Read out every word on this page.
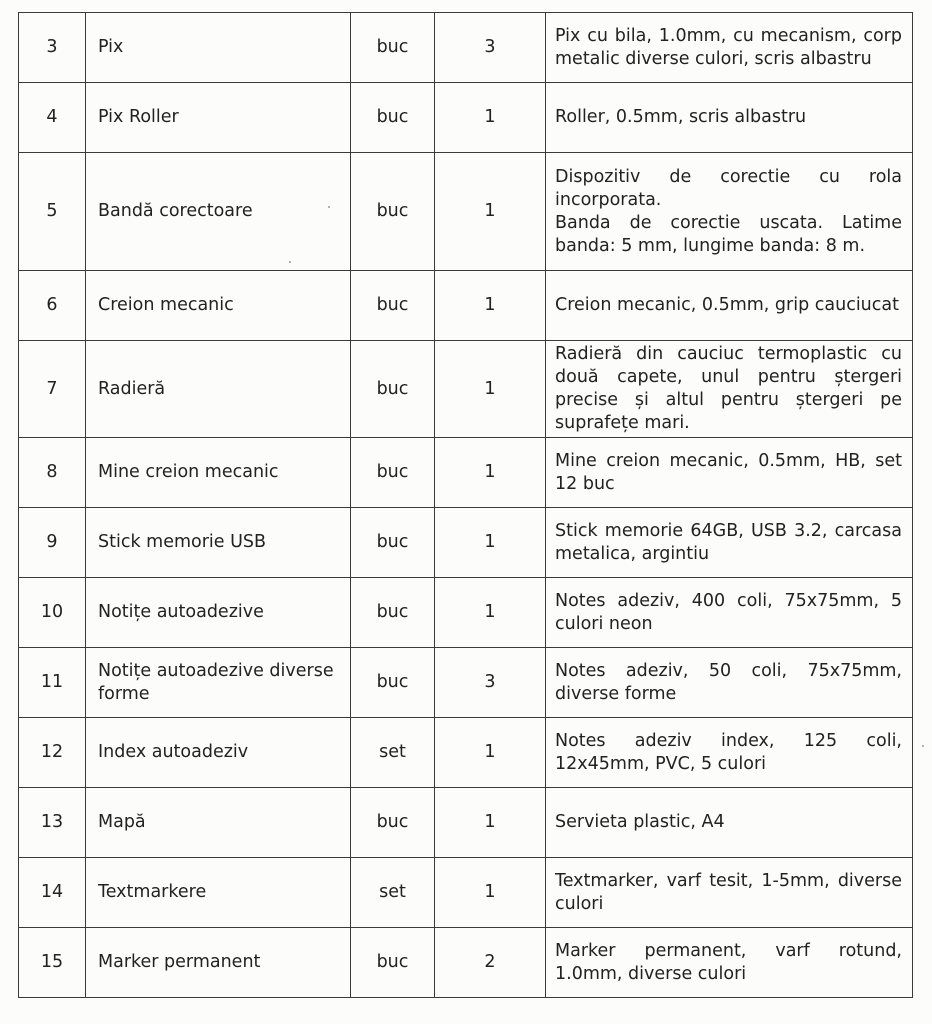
3	Pix	buc	3	Pix cu bila, 1.0mm, cu mecanism, corp metalic diverse culori, scris albastru
4	Pix Roller	buc	1	Roller, 0.5mm, scris albastru
5	Bandă corectoare	buc	1	Dispozitiv de corectie cu rola incorporata.
Banda de corectie uscata. Latime banda: 5 mm, lungime banda: 8 m.

6	Creion mecanic	buc	1	Creion mecanic, 0.5mm, grip cauciucat
7	Radieră	buc	1	Radieră din cauciuc termoplastic cu două capete, unul pentru ștergeri precise și altul pentru ștergeri pe suprafețe mari.
8	Mine creion mecanic	buc	1	Mine creion mecanic, 0.5mm, HB, set 12 buc
9	Stick memorie USB	buc	1	Stick memorie 64GB, USB 3.2, carcasa metalica, argintiu
10	Notițe autoadezive	buc	1	Notes adeziv, 400 coli, 75x75mm, 5 culori neon
11	Notițe autoadezive diverse forme	buc	3	Notes adeziv, 50 coli, 75x75mm, diverse forme
12	Index autoadeziv	set	1	Notes adeziv index, 125 coli, 12x45mm, PVC, 5 culori
13	Mapă	buc	1	Servieta plastic, A4
14	Textmarkere	set	1	Textmarker, varf tesit, 1-5mm, diverse culori
15	Marker permanent	buc	2	Marker permanent, varf rotund, 1.0mm, diverse culori
